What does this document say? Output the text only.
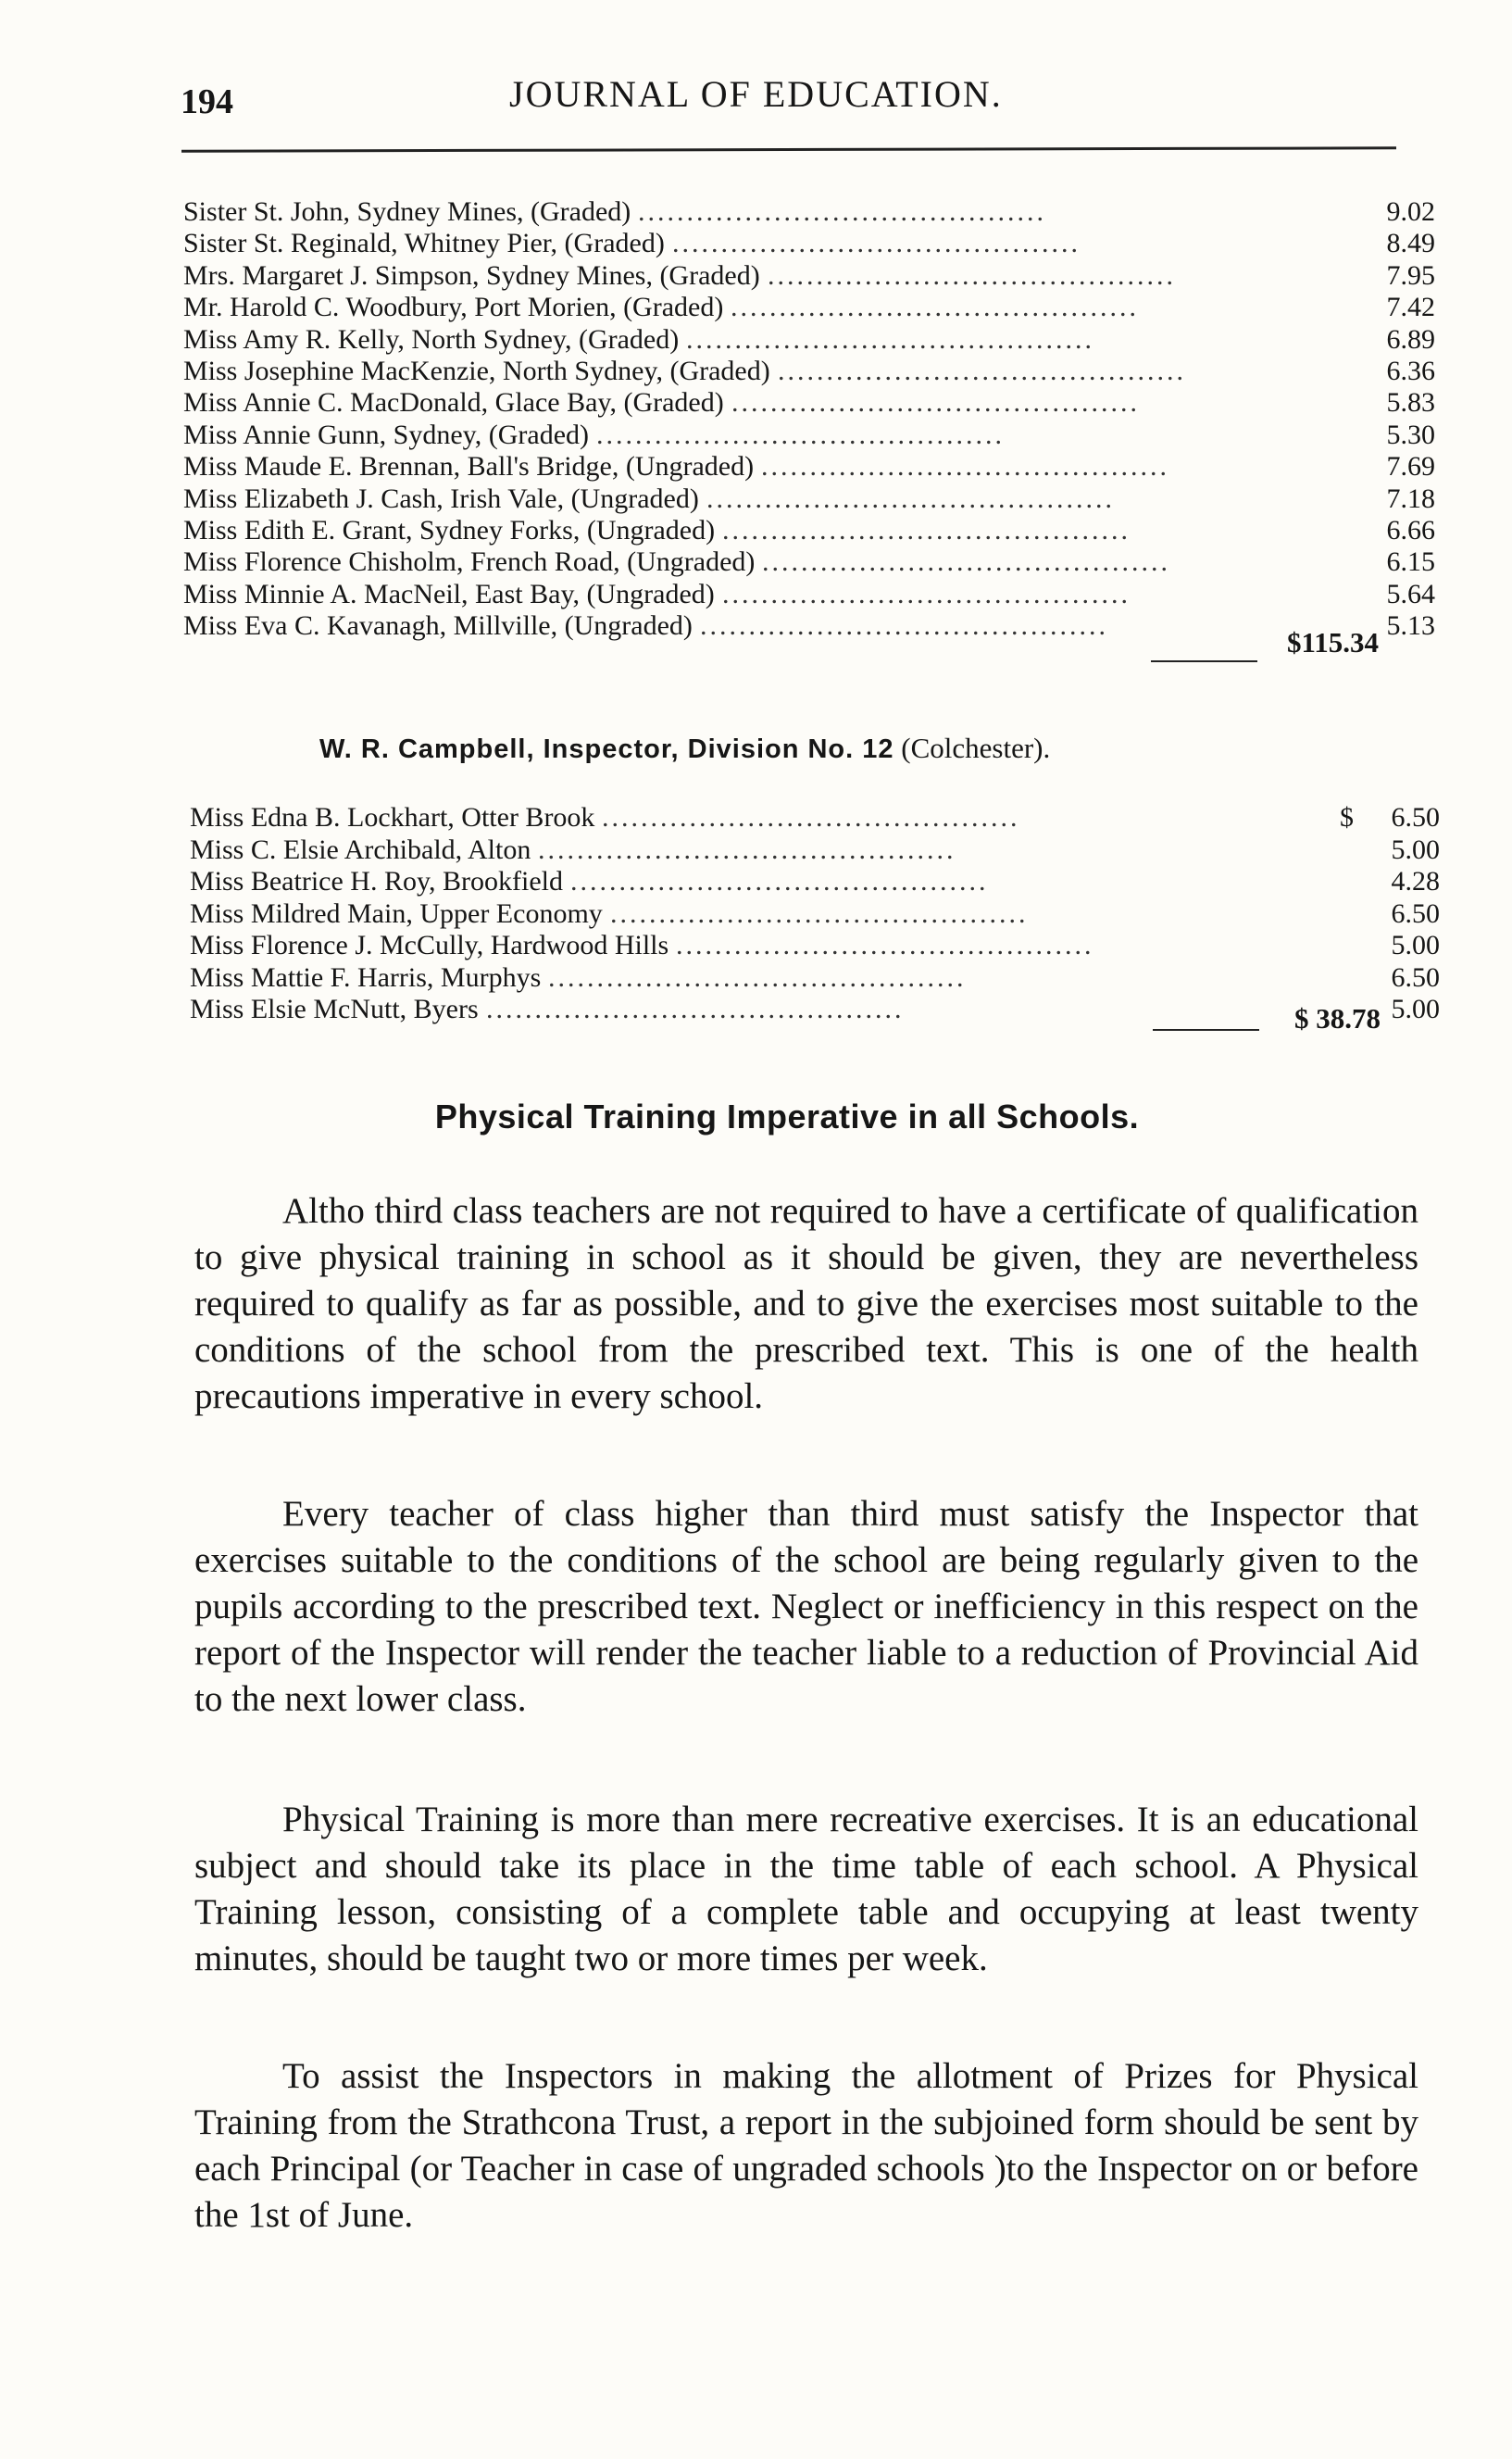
194	JOURNAL OF EDUCATION.
Sister St. John, Sydney Mines, (Graded) ..........................................	9.02
Sister St. Reginald, Whitney Pier, (Graded) ..........................................	8.49
Mrs. Margaret J. Simpson, Sydney Mines, (Graded) ..........................................	7.95
Mr. Harold C. Woodbury, Port Morien, (Graded) ..........................................	7.42
Miss Amy R. Kelly, North Sydney, (Graded) ..........................................	6.89
Miss Josephine MacKenzie, North Sydney, (Graded) ..........................................	6.36
Miss Annie C. MacDonald, Glace Bay, (Graded) ..........................................	5.83
Miss Annie Gunn, Sydney, (Graded) ..........................................	5.30
Miss Maude E. Brennan, Ball's Bridge, (Ungraded) ..........................................	7.69
Miss Elizabeth J. Cash, Irish Vale, (Ungraded) ..........................................	7.18
Miss Edith E. Grant, Sydney Forks, (Ungraded) ..........................................	6.66
Miss Florence Chisholm, French Road, (Ungraded) ..........................................	6.15
Miss Minnie A. MacNeil, East Bay, (Ungraded) ..........................................	5.64
Miss Eva C. Kavanagh, Millville, (Ungraded) ..........................................	5.13
$115.34
W. R. Campbell, Inspector, Division No. 12 (Colchester).
Miss Edna B. Lockhart, Otter Brook ...........................................	$	6.50
Miss C. Elsie Archibald, Alton ...........................................	5.00
Miss Beatrice H. Roy, Brookfield ...........................................	4.28
Miss Mildred Main, Upper Economy ...........................................	6.50
Miss Florence J. McCully, Hardwood Hills ...........................................	5.00
Miss Mattie F. Harris, Murphys ...........................................	6.50
Miss Elsie McNutt, Byers ...........................................	5.00
$ 38.78
Physical Training Imperative in all Schools.

Altho third class teachers are not required to have a certificate of qualification to give physical training in school as it should be given, they are nevertheless required to qualify as far as possible, and to give the exercises most suitable to the conditions of the school from the prescribed text. This is one of the health precautions imperative in every school.

Every teacher of class higher than third must satisfy the Inspector that exercises suitable to the conditions of the school are being regularly given to the pupils according to the prescribed text. Neglect or inefficiency in this respect on the report of the Inspector will render the teacher liable to a reduction of Provincial Aid to the next lower class.

Physical Training is more than mere recreative exercises. It is an educational subject and should take its place in the time table of each school. A Physical Training lesson, consisting of a complete table and occupying at least twenty minutes, should be taught two or more times per week.

To assist the Inspectors in making the allotment of Prizes for Physical Training from the Strathcona Trust, a report in the subjoined form should be sent by each Principal (or Teacher in case of ungraded schools )to the Inspector on or before the 1st of June.
